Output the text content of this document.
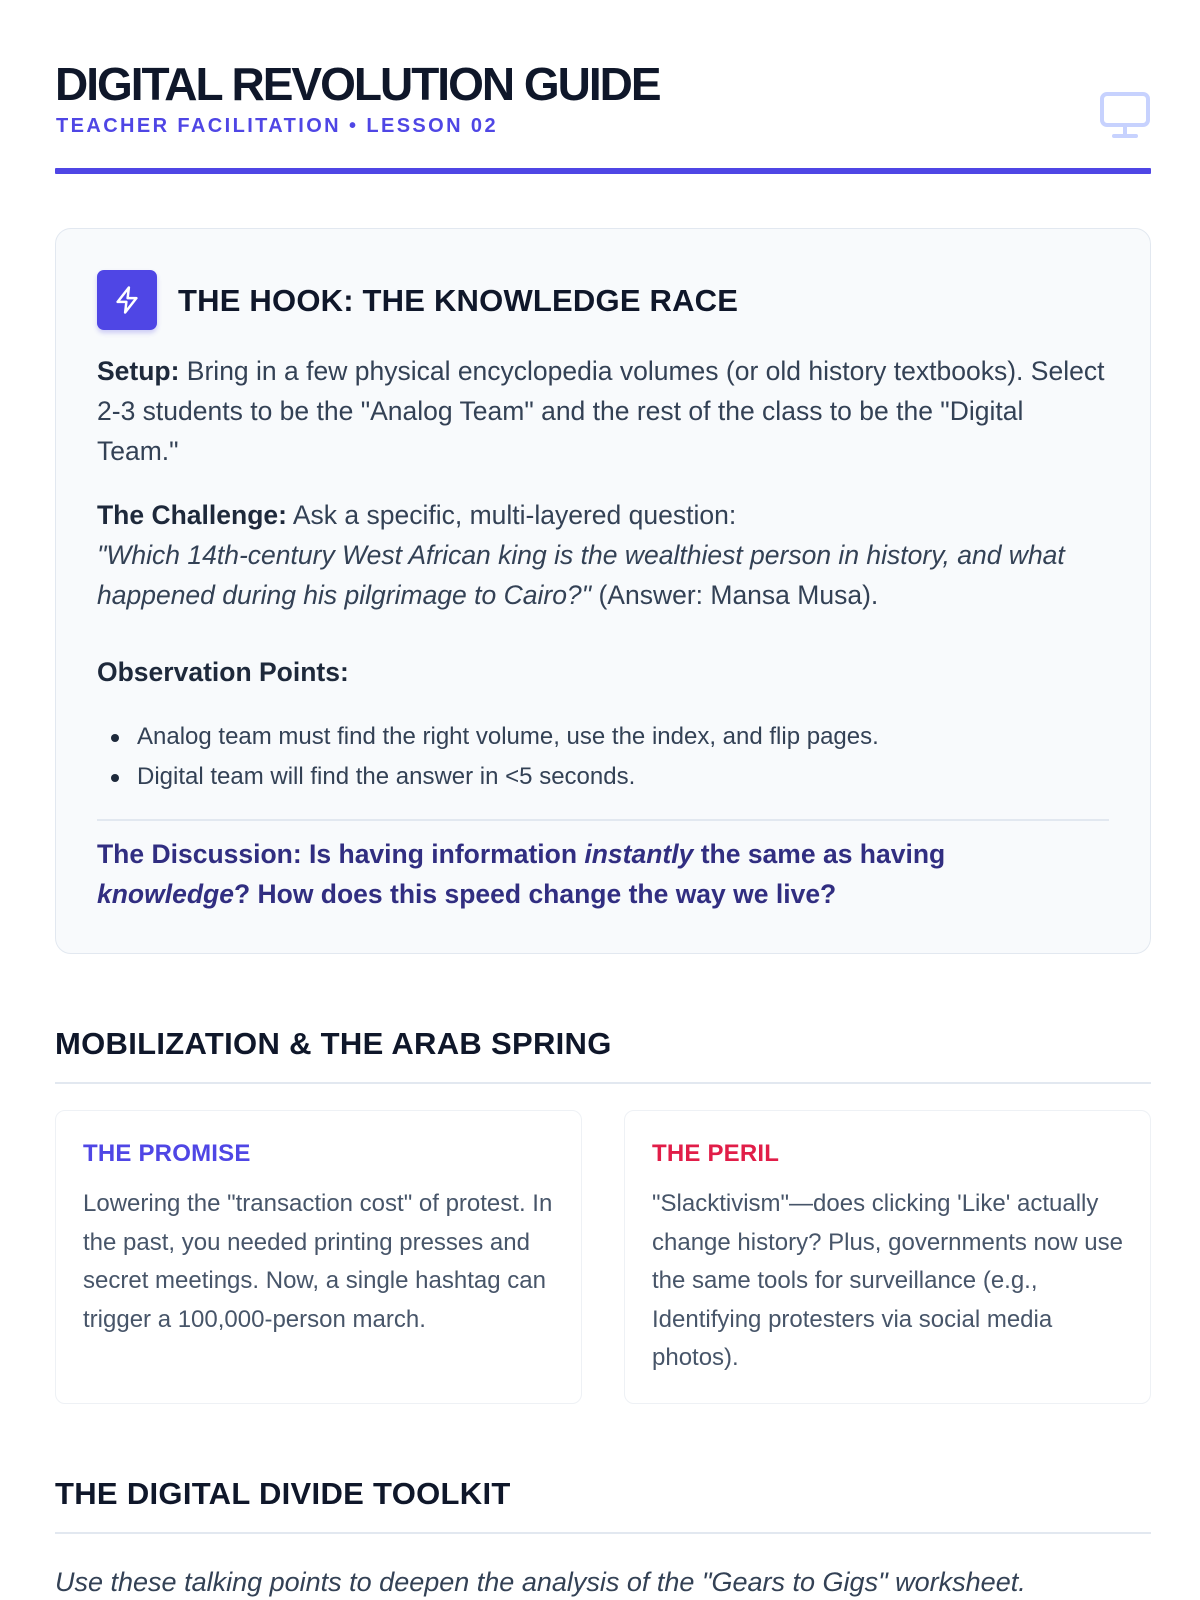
DIGITAL REVOLUTION GUIDE
TEACHER FACILITATION • LESSON 02
THE HOOK: THE KNOWLEDGE RACE

Setup: Bring in a few physical encyclopedia volumes (or old history textbooks). Select 2-3 students to be the "Analog Team" and the rest of the class to be the "Digital Team."

The Challenge: Ask a specific, multi-layered question:
"Which 14th-century West African king is the wealthiest person in history, and what happened during his pilgrimage to Cairo?" (Answer: Mansa Musa).

Observation Points:
Analog team must find the right volume, use the index, and flip pages.
Digital team will find the answer in <5 seconds.

The Discussion: Is having information instantly the same as having
knowledge? How does this speed change the way we live?

MOBILIZATION & THE ARAB SPRING
THE PROMISE

Lowering the "transaction cost" of protest. In the past, you needed printing presses and secret meetings. Now, a single hashtag can trigger a 100,000-person march.

THE PERIL

"Slacktivism"—does clicking 'Like' actually change history? Plus, governments now use the same tools for surveillance (e.g., Identifying protesters via social media photos).

THE DIGITAL DIVIDE TOOLKIT

Use these talking points to deepen the analysis of the "Gears to Gigs" worksheet.
